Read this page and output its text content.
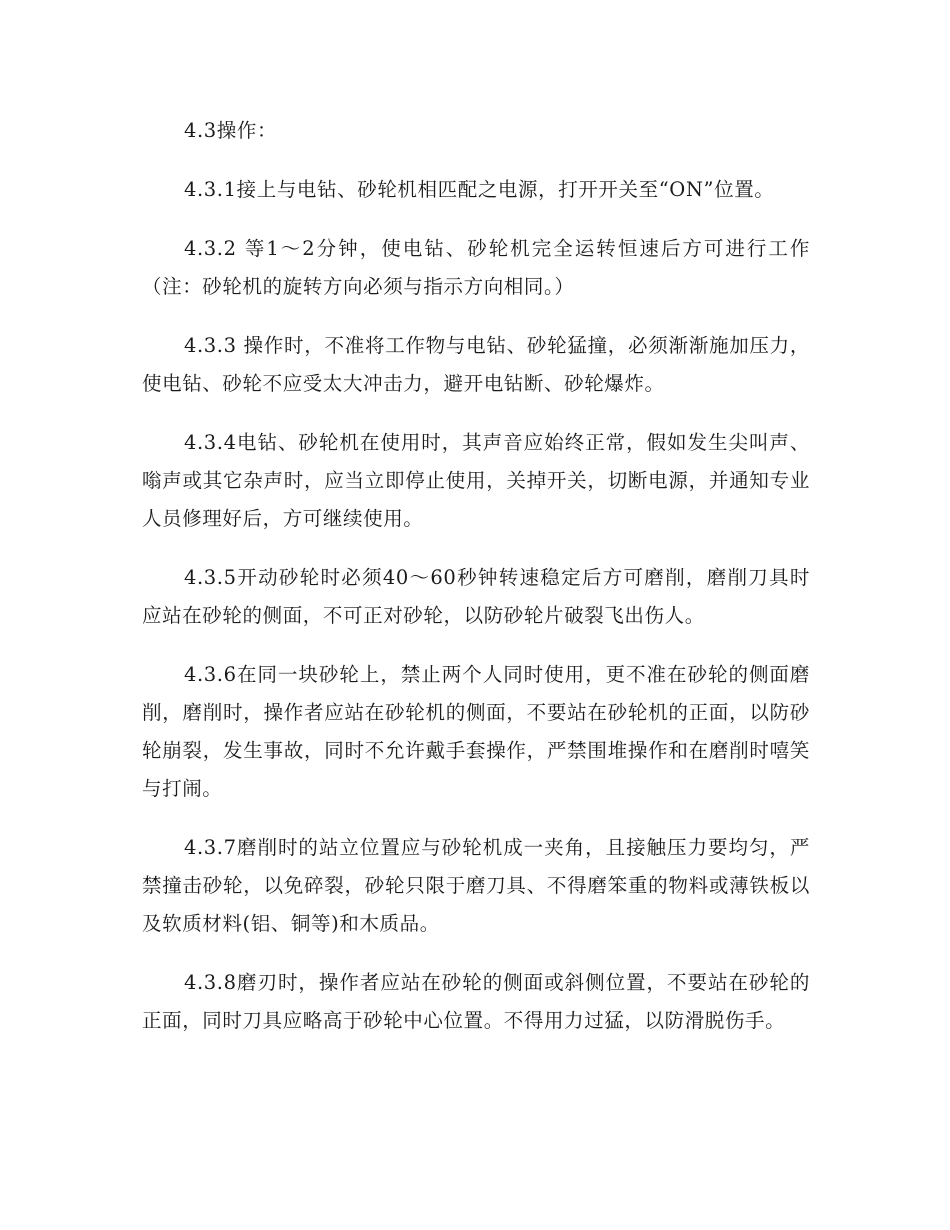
4.3操作：

4.3.1接上与电钻、砂轮机相匹配之电源，打开开关至“ON”位置。

4.3.2 等1～2分钟，使电钻、砂轮机完全运转恒速后方可进行工作（注：砂轮机的旋转方向必须与指示方向相同。）

4.3.3 操作时，不准将工作物与电钻、砂轮猛撞，必须渐渐施加压力，使电钻、砂轮不应受太大冲击力，避开电钻断、砂轮爆炸。

4.3.4电钻、砂轮机在使用时，其声音应始终正常，假如发生尖叫声、嗡声或其它杂声时，应当立即停止使用，关掉开关，切断电源，并通知专业人员修理好后，方可继续使用。

4.3.5开动砂轮时必须40～60秒钟转速稳定后方可磨削，磨削刀具时应站在砂轮的侧面，不可正对砂轮，以防砂轮片破裂飞出伤人。

4.3.6在同一块砂轮上，禁止两个人同时使用，更不准在砂轮的侧面磨削，磨削时，操作者应站在砂轮机的侧面，不要站在砂轮机的正面，以防砂轮崩裂，发生事故，同时不允许戴手套操作，严禁围堆操作和在磨削时嘻笑与打闹。

4.3.7磨削时的站立位置应与砂轮机成一夹角，且接触压力要均匀，严禁撞击砂轮，以免碎裂，砂轮只限于磨刀具、不得磨笨重的物料或薄铁板以及软质材料(铝、铜等)和木质品。

4.3.8磨刃时，操作者应站在砂轮的侧面或斜侧位置，不要站在砂轮的正面，同时刀具应略高于砂轮中心位置。不得用力过猛，以防滑脱伤手。
